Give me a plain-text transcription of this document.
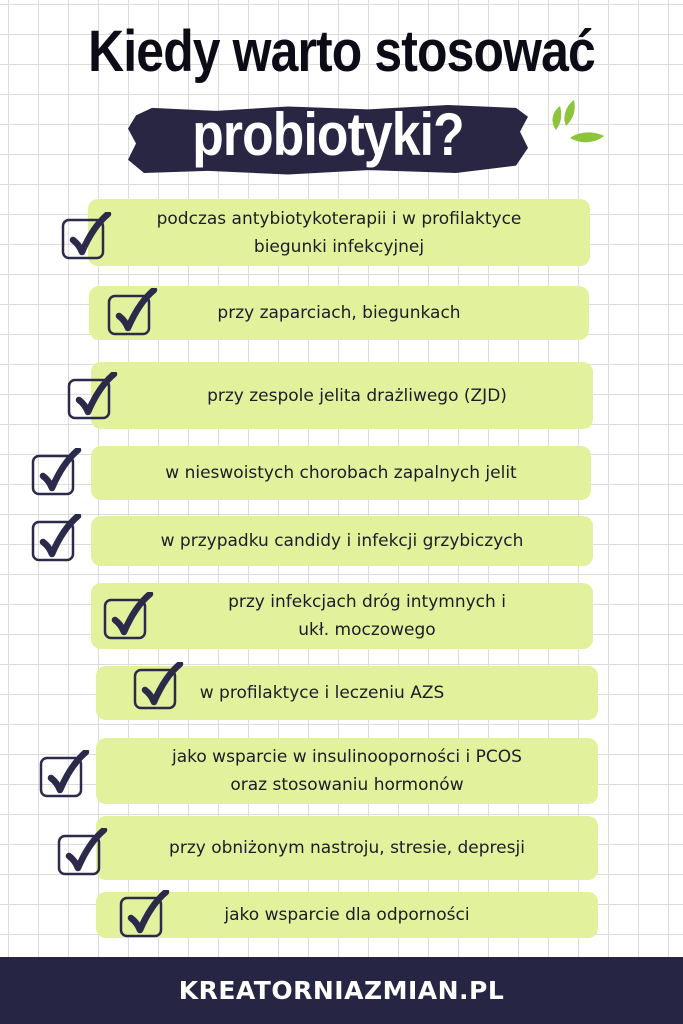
Kiedy warto stosować
probiotyki?
podczas antybiotykoterapii i w profilaktyce
biegunki infekcyjnej
przy zaparciach, biegunkach
przy zespole jelita drażliwego (ZJD)
w nieswoistych chorobach zapalnych jelit
w przypadku candidy i infekcji grzybiczych
przy infekcjach dróg intymnych i
ukł. moczowego
w profilaktyce i leczeniu AZS
jako wsparcie w insulinooporności i PCOS
oraz stosowaniu hormonów
przy obniżonym nastroju, stresie, depresji
jako wsparcie dla odporności
KREATORNIAZMIAN.PL
